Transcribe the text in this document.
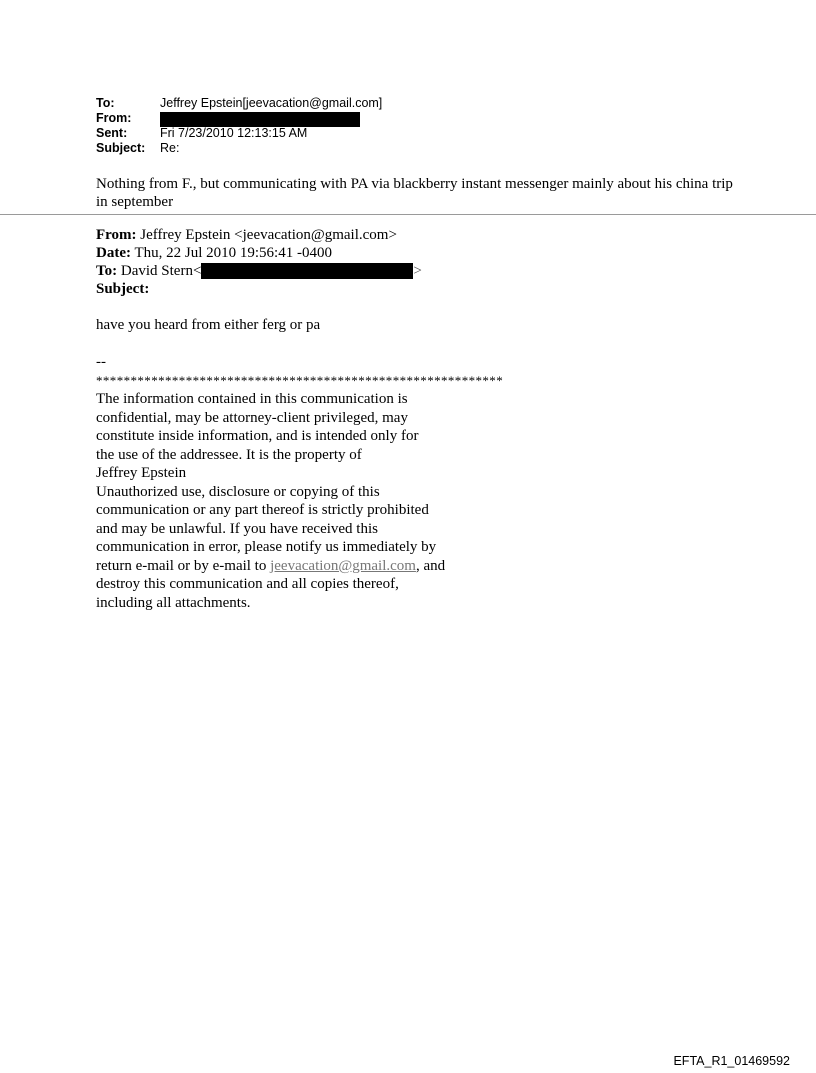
To:	Jeffrey Epstein[jeevacation@gmail.com]
From:
Sent:	Fri 7/23/2010 12:13:15 AM
Subject:	Re:
Nothing from F., but communicating with PA via blackberry instant messenger mainly about his china trip in september
From: Jeffrey Epstein <jeevacation@gmail.com>
Date: Thu, 22 Jul 2010 19:56:41 -0400
To: David Stern<	>
Subject:
have you heard from either ferg or pa
--
***********************************************************
The information contained in this communication is
confidential, may be attorney-client privileged, may
constitute inside information, and is intended only for
the use of the addressee. It is the property of
Jeffrey Epstein
Unauthorized use, disclosure or copying of this
communication or any part thereof is strictly prohibited
and may be unlawful. If you have received this
communication in error, please notify us immediately by
return e-mail or by e-mail to jeevacation@gmail.com, and
destroy this communication and all copies thereof,
including all attachments.
EFTA_R1_01469592
